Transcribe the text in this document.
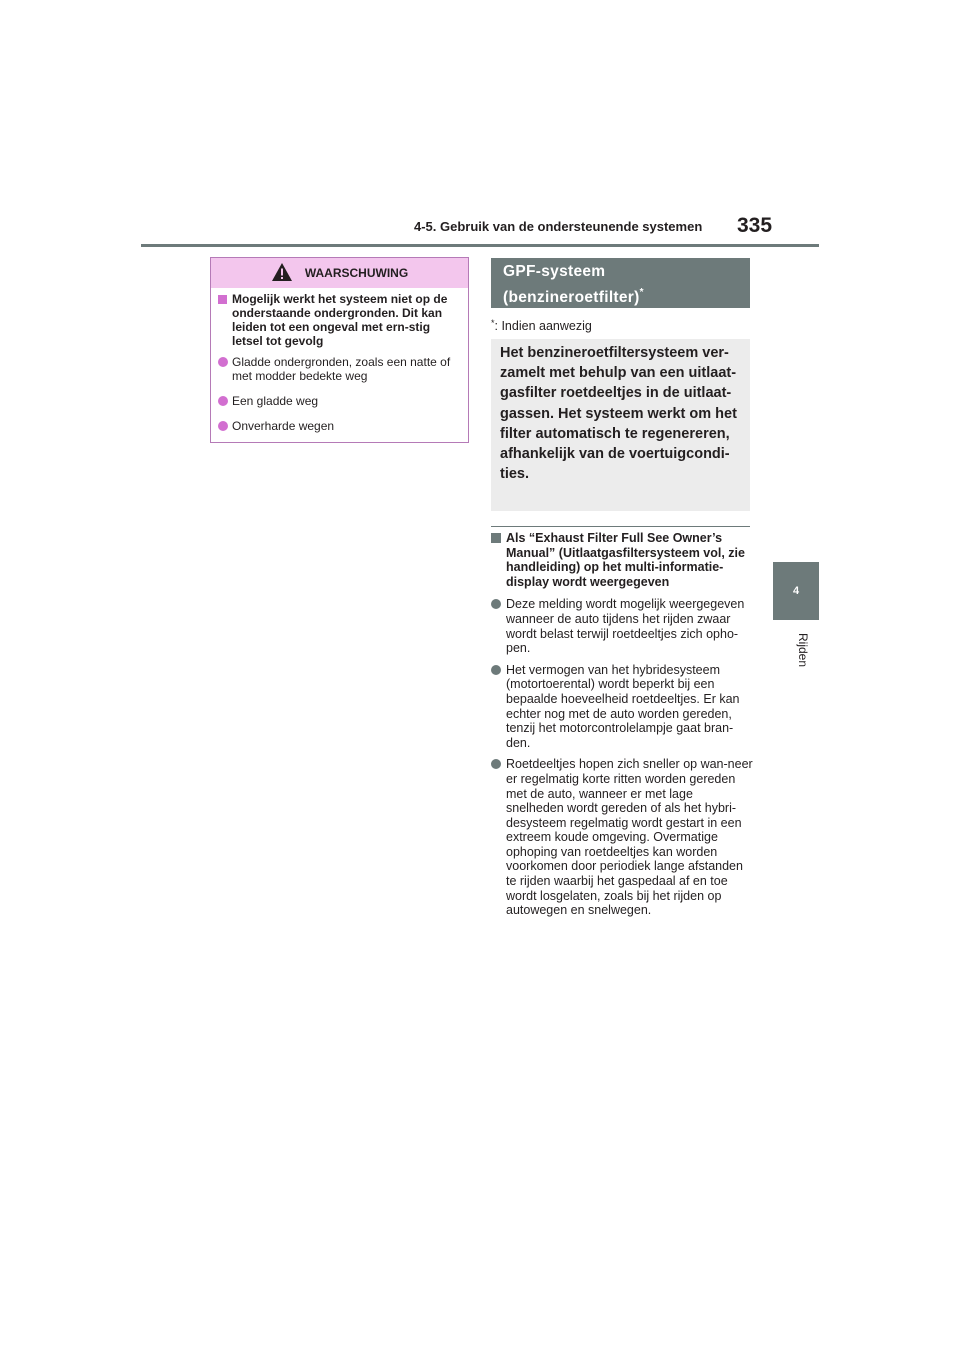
4-5. Gebruik van de ondersteunende systemen 335
4
Rijden
WAARSCHUWING
Mogelijk werkt het systeem niet op de onderstaande ondergronden. Dit kan leiden tot een ongeval met ern-stig letsel tot gevolg
Gladde ondergronden, zoals een natte of met modder bedekte weg
Een gladde weg
Onverharde wegen
GPF-systeem
(benzineroetfilter)*
*: Indien aanwezig
Het benzineroetfiltersysteem ver-zamelt met behulp van een uitlaat-gasfilter roetdeeltjes in de uitlaat-gassen. Het systeem werkt om het filter automatisch te regenereren, afhankelijk van de voertuigcondi-ties.
Als “Exhaust Filter Full See Owner’s Manual” (Uitlaatgasfiltersysteem vol, zie handleiding) op het multi-informatie-display wordt weergegeven
Deze melding wordt mogelijk weergegeven wanneer de auto tijdens het rijden zwaar wordt belast terwijl roetdeeltjes zich opho-pen.
Het vermogen van het hybridesysteem (motortoerental) wordt beperkt bij een bepaalde hoeveelheid roetdeeltjes. Er kan echter nog met de auto worden gereden, tenzij het motorcontrolelampje gaat bran-den.
Roetdeeltjes hopen zich sneller op wan-neer er regelmatig korte ritten worden gereden met de auto, wanneer er met lage snelheden wordt gereden of als het hybri-desysteem regelmatig wordt gestart in een extreem koude omgeving. Overmatige ophoping van roetdeeltjes kan worden voorkomen door periodiek lange afstanden te rijden waarbij het gaspedaal af en toe wordt losgelaten, zoals bij het rijden op autowegen en snelwegen.
